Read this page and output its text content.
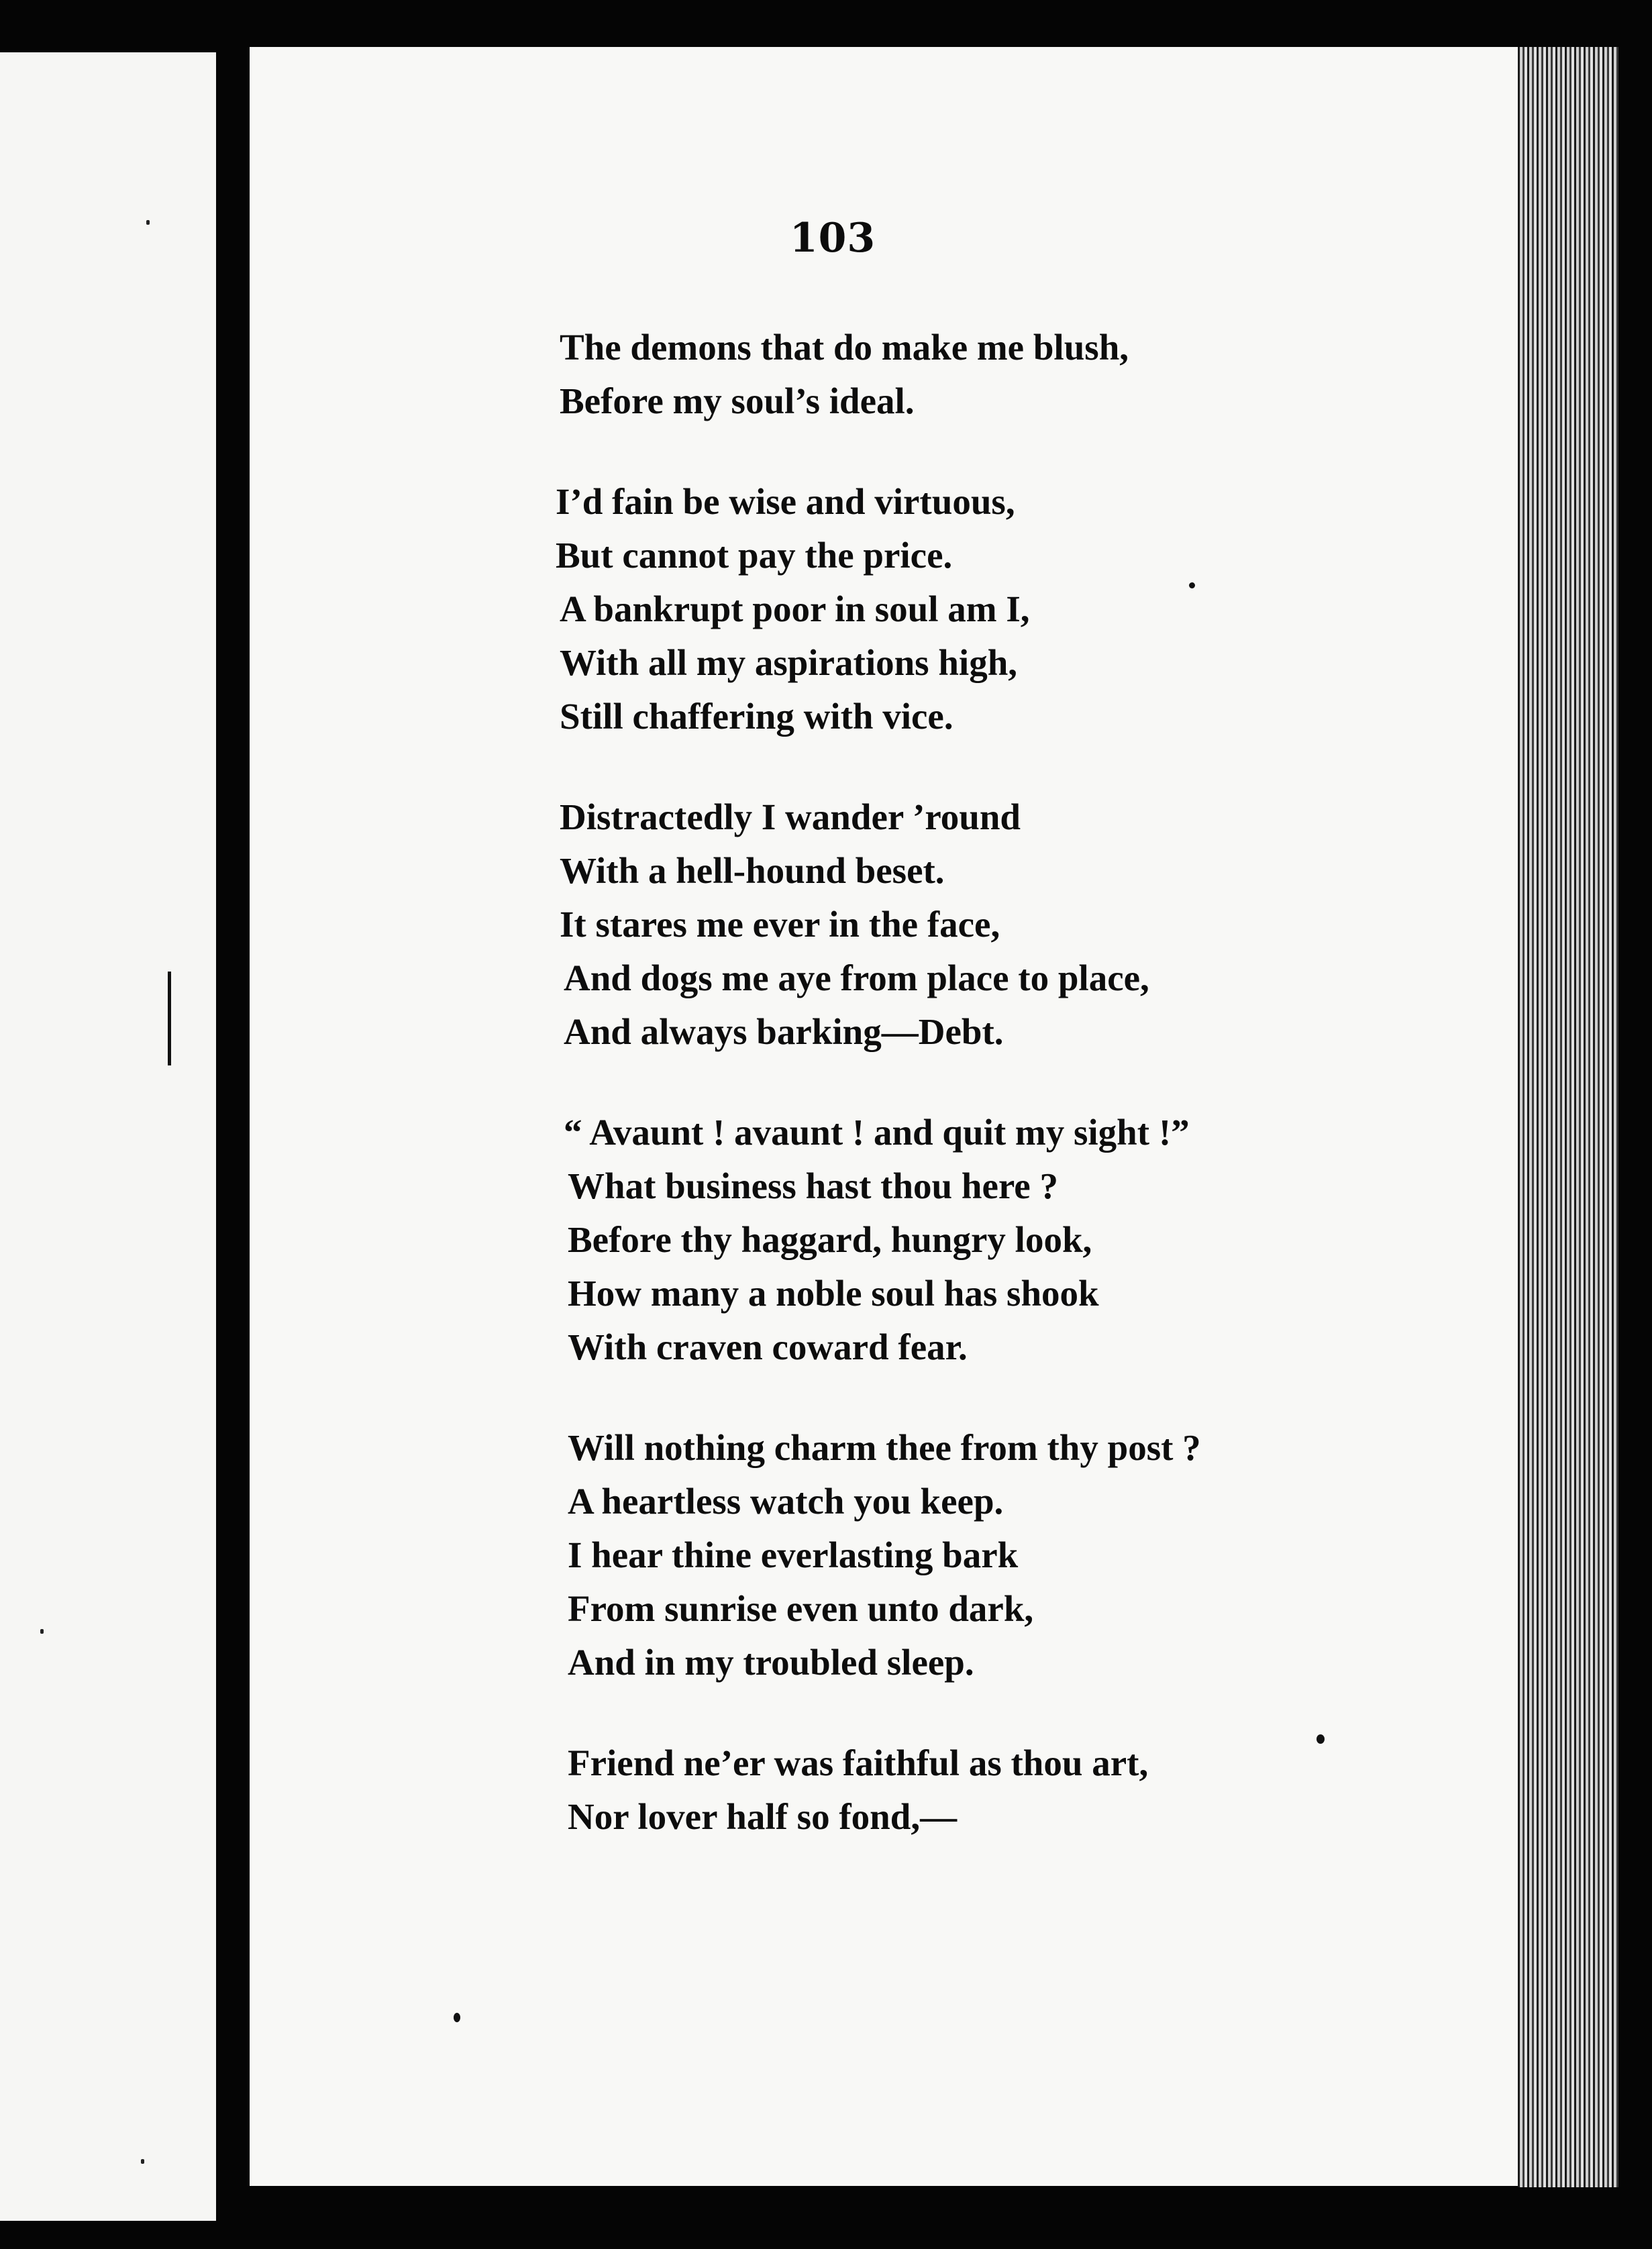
103
The demons that do make me blush,
Before my soul’s ideal.
I’d fain be wise and virtuous,
But cannot pay the price.
A bankrupt poor in soul am I,
With all my aspirations high,
Still chaffering with vice.
Distractedly I wander ’round
With a hell-hound beset.
It stares me ever in the face,
And dogs me aye from place to place,
And always barking—Debt.
“ Avaunt ! avaunt ! and quit my sight !”
What business hast thou here ?
Before thy haggard, hungry look,
How many a noble soul has shook
With craven coward fear.
Will nothing charm thee from thy post ?
A heartless watch you keep.
I hear thine everlasting bark
From sunrise even unto dark,
And in my troubled sleep.
Friend ne’er was faithful as thou art,
Nor lover half so fond,—
